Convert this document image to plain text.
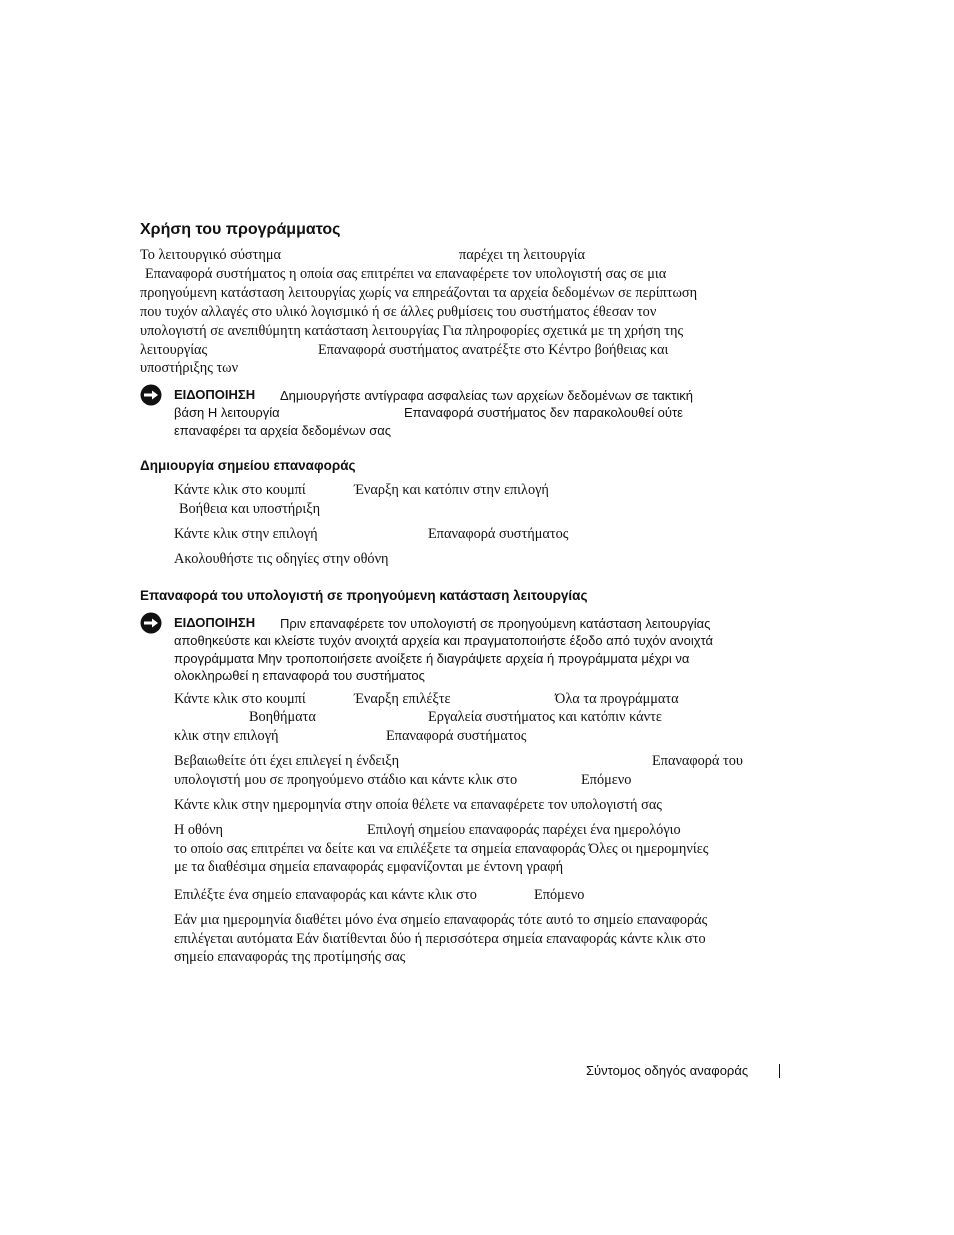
Χρήση του προγράμματος
Το λειτουργικό σύστημα	παρέχει τη λειτουργία
Επαναφορά συστήματος η οποία σας επιτρέπει να επαναφέρετε τον υπολογιστή σας σε μια
προηγούμενη κατάσταση λειτουργίας χωρίς να επηρεάζονται τα αρχεία δεδομένων σε περίπτωση
που τυχόν αλλαγές στο υλικό λογισμικό ή σε άλλες ρυθμίσεις του συστήματος έθεσαν τον
υπολογιστή σε ανεπιθύμητη κατάσταση λειτουργίας Για πληροφορίες σχετικά με τη χρήση της
λειτουργίας	Επαναφορά συστήματος ανατρέξτε στο Κέντρο βοήθειας και
υποστήριξης των
ΕΙΔΟΠΟΙΗΣΗ Δημιουργήστε αντίγραφα ασφαλείας των αρχείων δεδομένων σε τακτική
βάση Η λειτουργία	Επαναφορά συστήματος δεν παρακολουθεί ούτε
επαναφέρει τα αρχεία δεδομένων σας
Δημιουργία σημείου επαναφοράς
Κάντε κλικ στο κουμπί	Έναρξη και κατόπιν στην επιλογή
Βοήθεια και υποστήριξη
Κάντε κλικ στην επιλογή	Επαναφορά συστήματος
Ακολουθήστε τις οδηγίες στην οθόνη
Επαναφορά του υπολογιστή σε προηγούμενη κατάσταση λειτουργίας
ΕΙΔΟΠΟΙΗΣΗ Πριν επαναφέρετε τον υπολογιστή σε προηγούμενη κατάσταση λειτουργίας
αποθηκεύστε και κλείστε τυχόν ανοιχτά αρχεία και πραγματοποιήστε έξοδο από τυχόν ανοιχτά
προγράμματα Μην τροποποιήσετε ανοίξετε ή διαγράψετε αρχεία ή προγράμματα μέχρι να
ολοκληρωθεί η επαναφορά του συστήματος
Κάντε κλικ στο κουμπί	Έναρξη επιλέξτε	Όλα τα προγράμματα
Βοηθήματα	Εργαλεία συστήματος και κατόπιν κάντε
κλικ στην επιλογή	Επαναφορά συστήματος
Βεβαιωθείτε ότι έχει επιλεγεί η ένδειξη	Επαναφορά του
υπολογιστή μου σε προηγούμενο στάδιο και κάντε κλικ στο	Επόμενο
Κάντε κλικ στην ημερομηνία στην οποία θέλετε να επαναφέρετε τον υπολογιστή σας
Η οθόνη	Επιλογή σημείου επαναφοράς παρέχει ένα ημερολόγιο
το οποίο σας επιτρέπει να δείτε και να επιλέξετε τα σημεία επαναφοράς Όλες οι ημερομηνίες
με τα διαθέσιμα σημεία επαναφοράς εμφανίζονται με έντονη γραφή
Επιλέξτε ένα σημείο επαναφοράς και κάντε κλικ στο	Επόμενο
Εάν μια ημερομηνία διαθέτει μόνο ένα σημείο επαναφοράς τότε αυτό το σημείο επαναφοράς
επιλέγεται αυτόματα Εάν διατίθενται δύο ή περισσότερα σημεία επαναφοράς κάντε κλικ στο
σημείο επαναφοράς της προτίμησής σας
Σύντομος οδηγός αναφοράς
